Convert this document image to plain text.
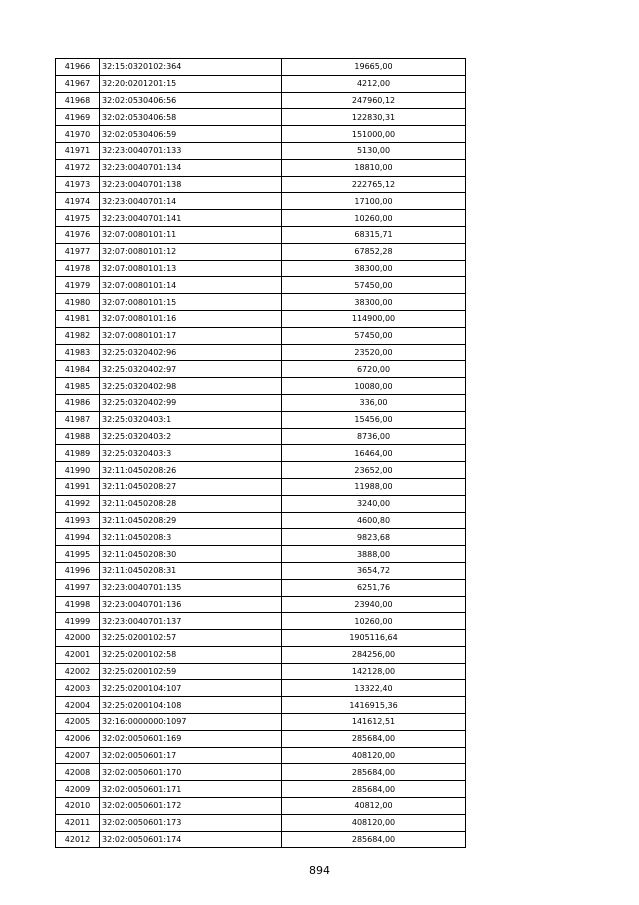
41966	32:15:0320102:364	19665,00
41967	32:20:0201201:15	4212,00
41968	32:02:0530406:56	247960,12
41969	32:02:0530406:58	122830,31
41970	32:02:0530406:59	151000,00
41971	32:23:0040701:133	5130,00
41972	32:23:0040701:134	18810,00
41973	32:23:0040701:138	222765,12
41974	32:23:0040701:14	17100,00
41975	32:23:0040701:141	10260,00
41976	32:07:0080101:11	68315,71
41977	32:07:0080101:12	67852,28
41978	32:07:0080101:13	38300,00
41979	32:07:0080101:14	57450,00
41980	32:07:0080101:15	38300,00
41981	32:07:0080101:16	114900,00
41982	32:07:0080101:17	57450,00
41983	32:25:0320402:96	23520,00
41984	32:25:0320402:97	6720,00
41985	32:25:0320402:98	10080,00
41986	32:25:0320402:99	336,00
41987	32:25:0320403:1	15456,00
41988	32:25:0320403:2	8736,00
41989	32:25:0320403:3	16464,00
41990	32:11:0450208:26	23652,00
41991	32:11:0450208:27	11988,00
41992	32:11:0450208:28	3240,00
41993	32:11:0450208:29	4600,80
41994	32:11:0450208:3	9823,68
41995	32:11:0450208:30	3888,00
41996	32:11:0450208:31	3654,72
41997	32:23:0040701:135	6251,76
41998	32:23:0040701:136	23940,00
41999	32:23:0040701:137	10260,00
42000	32:25:0200102:57	1905116,64
42001	32:25:0200102:58	284256,00
42002	32:25:0200102:59	142128,00
42003	32:25:0200104:107	13322,40
42004	32:25:0200104:108	1416915,36
42005	32:16:0000000:1097	141612,51
42006	32:02:0050601:169	285684,00
42007	32:02:0050601:17	408120,00
42008	32:02:0050601:170	285684,00
42009	32:02:0050601:171	285684,00
42010	32:02:0050601:172	40812,00
42011	32:02:0050601:173	408120,00
42012	32:02:0050601:174	285684,00
894
